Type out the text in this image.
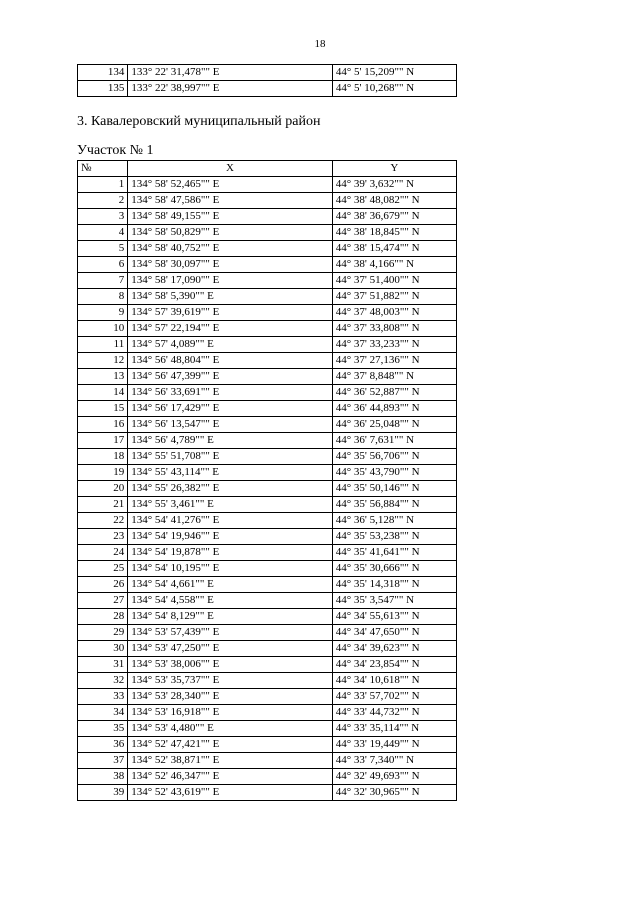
18
134	133° 22' 31,478"" E	44° 5' 15,209"" N
135	133° 22' 38,997"" E	44° 5' 10,268"" N
3. Кавалеровский муниципальный район
Участок № 1
№	X	Y
1	134° 58' 52,465"" E	44° 39' 3,632"" N
2	134° 58' 47,586"" E	44° 38' 48,082"" N
3	134° 58' 49,155"" E	44° 38' 36,679"" N
4	134° 58' 50,829"" E	44° 38' 18,845"" N
5	134° 58' 40,752"" E	44° 38' 15,474"" N
6	134° 58' 30,097"" E	44° 38' 4,166"" N
7	134° 58' 17,090"" E	44° 37' 51,400"" N
8	134° 58' 5,390"" E	44° 37' 51,882"" N
9	134° 57' 39,619"" E	44° 37' 48,003"" N
10	134° 57' 22,194"" E	44° 37' 33,808"" N
11	134° 57' 4,089"" E	44° 37' 33,233"" N
12	134° 56' 48,804"" E	44° 37' 27,136"" N
13	134° 56' 47,399"" E	44° 37' 8,848"" N
14	134° 56' 33,691"" E	44° 36' 52,887"" N
15	134° 56' 17,429"" E	44° 36' 44,893"" N
16	134° 56' 13,547"" E	44° 36' 25,048"" N
17	134° 56' 4,789"" E	44° 36' 7,631"" N
18	134° 55' 51,708"" E	44° 35' 56,706"" N
19	134° 55' 43,114"" E	44° 35' 43,790"" N
20	134° 55' 26,382"" E	44° 35' 50,146"" N
21	134° 55' 3,461"" E	44° 35' 56,884"" N
22	134° 54' 41,276"" E	44° 36' 5,128"" N
23	134° 54' 19,946"" E	44° 35' 53,238"" N
24	134° 54' 19,878"" E	44° 35' 41,641"" N
25	134° 54' 10,195"" E	44° 35' 30,666"" N
26	134° 54' 4,661"" E	44° 35' 14,318"" N
27	134° 54' 4,558"" E	44° 35' 3,547"" N
28	134° 54' 8,129"" E	44° 34' 55,613"" N
29	134° 53' 57,439"" E	44° 34' 47,650"" N
30	134° 53' 47,250"" E	44° 34' 39,623"" N
31	134° 53' 38,006"" E	44° 34' 23,854"" N
32	134° 53' 35,737"" E	44° 34' 10,618"" N
33	134° 53' 28,340"" E	44° 33' 57,702"" N
34	134° 53' 16,918"" E	44° 33' 44,732"" N
35	134° 53' 4,480"" E	44° 33' 35,114"" N
36	134° 52' 47,421"" E	44° 33' 19,449"" N
37	134° 52' 38,871"" E	44° 33' 7,340"" N
38	134° 52' 46,347"" E	44° 32' 49,693"" N
39	134° 52' 43,619"" E	44° 32' 30,965"" N
